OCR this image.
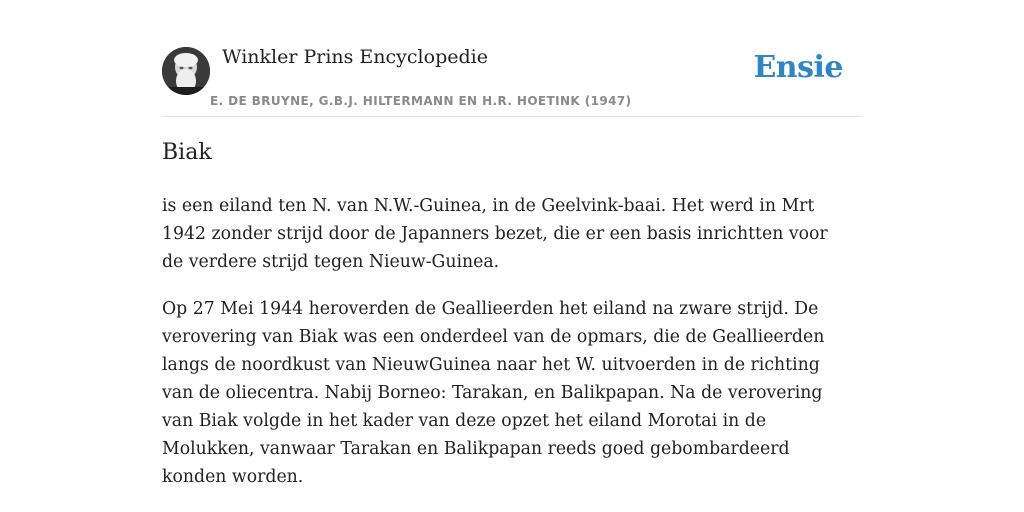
Winkler Prins Encyclopedie
E. DE BRUYNE, G.B.J. HILTERMANN EN H.R. HOETINK (1947)
Ensie
Biak

is een eiland ten N. van N.W.-Guinea, in de Geelvink-baai. Het werd in Mrt 1942 zonder strijd door de Japanners bezet, die er een basis inrichtten voor de verdere strijd tegen Nieuw-Guinea.

Op 27 Mei 1944 heroverden de Geallieerden het eiland na zware strijd. De verovering van Biak was een onderdeel van de opmars, die de Geallieerden langs de noordkust van NieuwGuinea naar het W. uitvoerden in de richting van de oliecentra. Nabij Borneo: Tarakan, en Balikpapan. Na de verovering van Biak volgde in het kader van deze opzet het eiland Morotai in de Molukken, vanwaar Tarakan en Balikpapan reeds goed gebombardeerd konden worden.
